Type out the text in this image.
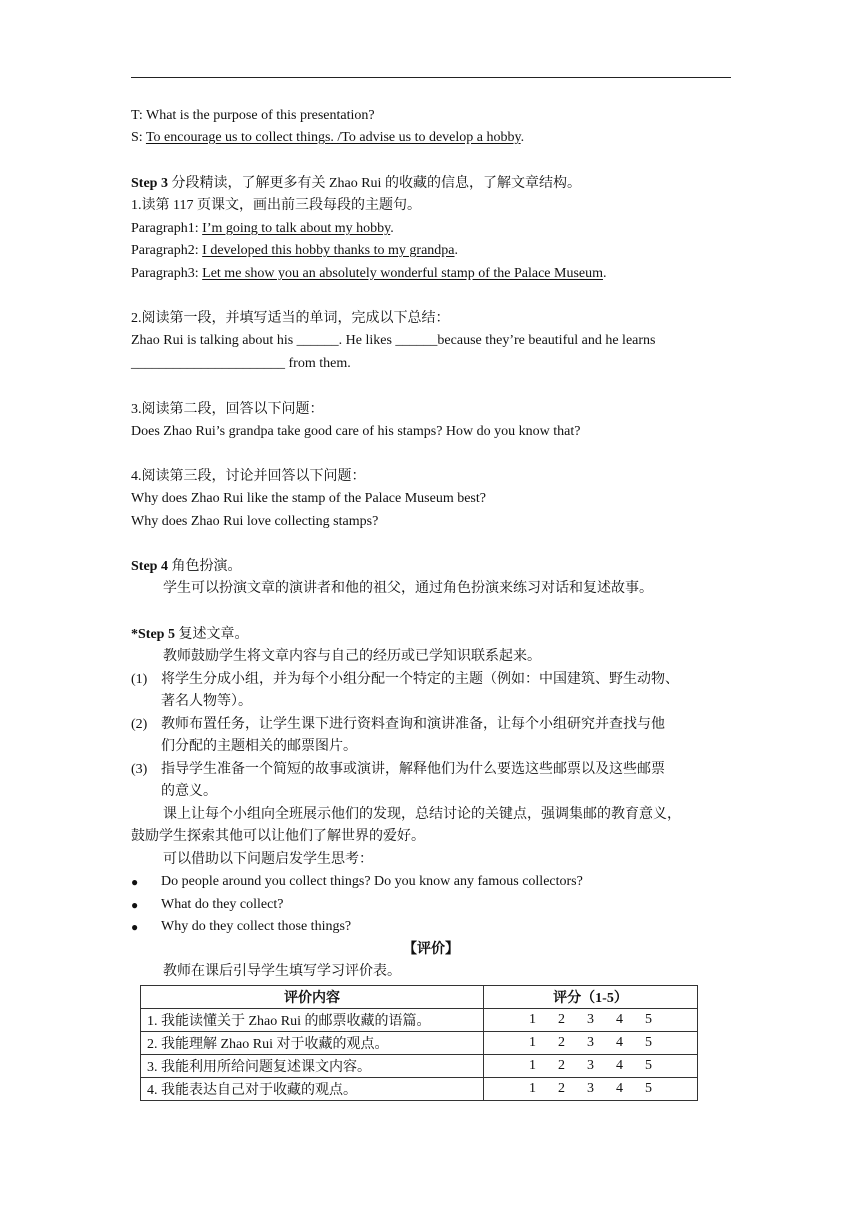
T: What is the purpose of this presentation?
S: To encourage us to collect things. /To advise us to develop a hobby.
Step 3 分段精读，了解更多有关 Zhao Rui 的收藏的信息，了解文章结构。
1.读第 117 页课文，画出前三段每段的主题句。
Paragraph1: I’m going to talk about my hobby.
Paragraph2: I developed this hobby thanks to my grandpa.
Paragraph3: Let me show you an absolutely wonderful stamp of the Palace Museum.
2.阅读第一段，并填写适当的单词，完成以下总结：
Zhao Rui is talking about his ______. He likes ______because they’re beautiful and he learns
______________________ from them.
3.阅读第二段，回答以下问题：
Does Zhao Rui’s grandpa take good care of his stamps? How do you know that?
4.阅读第三段，讨论并回答以下问题：
Why does Zhao Rui like the stamp of the Palace Museum best?
Why does Zhao Rui love collecting stamps?
Step 4 角色扮演。
学生可以扮演文章的演讲者和他的祖父，通过角色扮演来练习对话和复述故事。
*Step 5 复述文章。
教师鼓励学生将文章内容与自己的经历或已学知识联系起来。
(1) 将学生分成小组，并为每个小组分配一个特定的主题（例如：中国建筑、野生动物、
著名人物等）。
(2) 教师布置任务，让学生课下进行资料查询和演讲准备，让每个小组研究并查找与他
们分配的主题相关的邮票图片。
(3) 指导学生准备一个简短的故事或演讲，解释他们为什么要选这些邮票以及这些邮票
的意义。
课上让每个小组向全班展示他们的发现，总结讨论的关键点，强调集邮的教育意义，
鼓励学生探索其他可以让他们了解世界的爱好。
可以借助以下问题启发学生思考：
● Do people around you collect things? Do you know any famous collectors?
● What do they collect?
● Why do they collect those things?
【评价】
教师在课后引导学生填写学习评价表。
评价内容	评分（1-5）
1. 我能读懂关于 Zhao Rui 的邮票收藏的语篇。	1 2 3 4 5

2. 我能理解 Zhao Rui 对于收藏的观点。	1 2 3 4 5

3. 我能利用所给问题复述课文内容。	1 2 3 4 5

4. 我能表达自己对于收藏的观点。	1 2 3 4 5
